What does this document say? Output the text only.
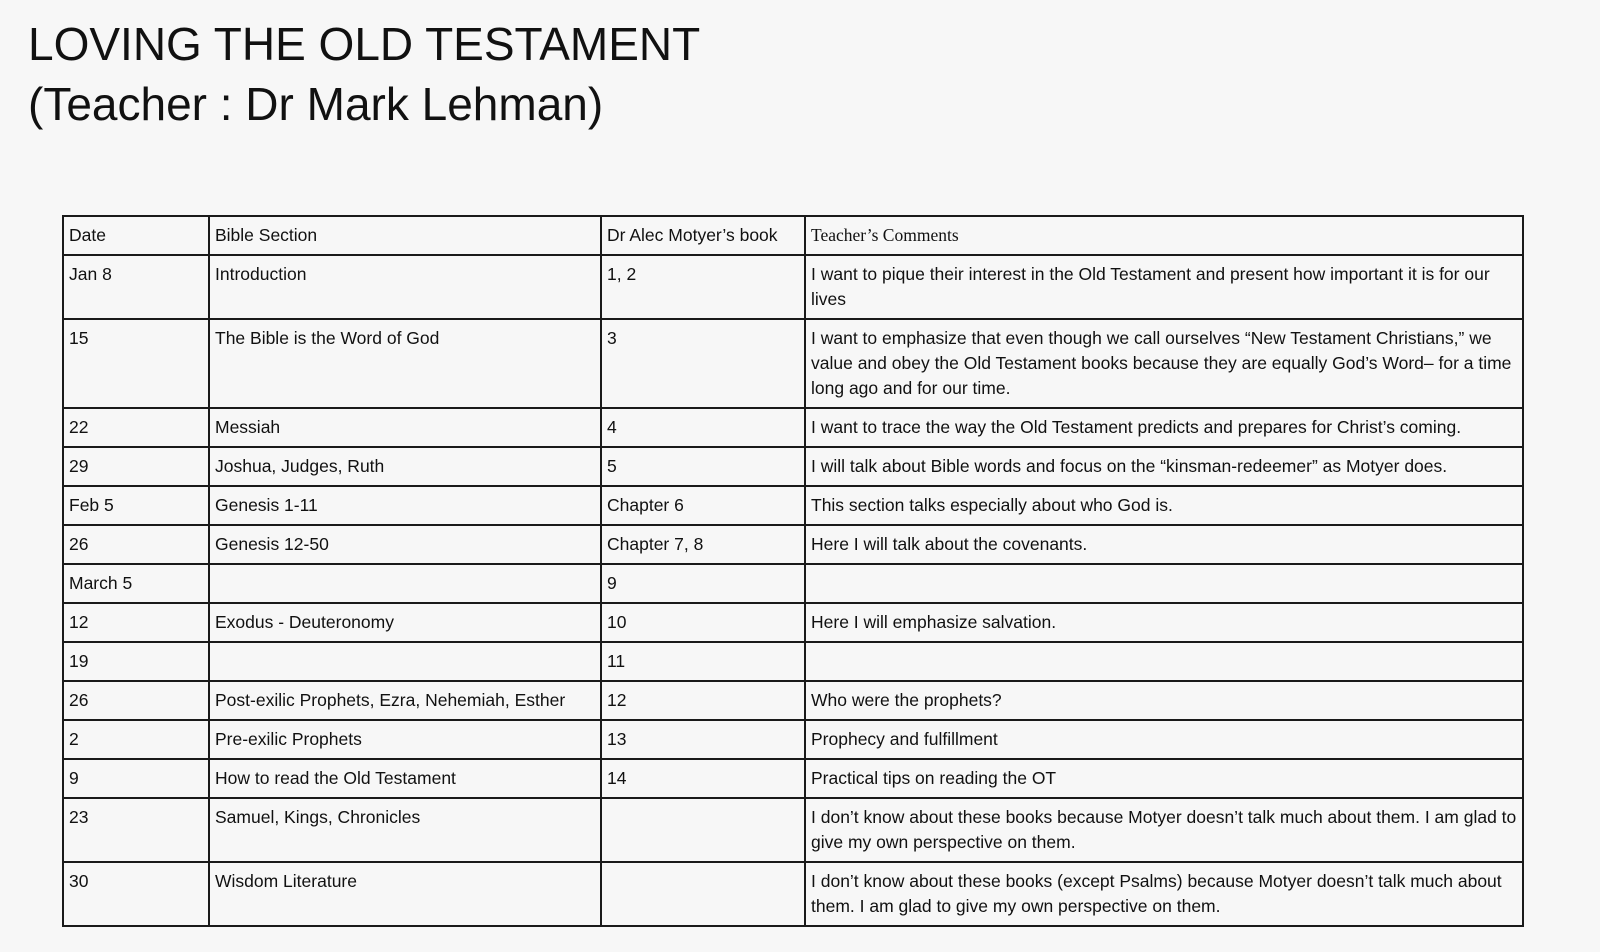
LOVING THE OLD TESTAMENT
(Teacher : Dr Mark Lehman)
Date	Bible Section	Dr Alec Motyer’s book	Teacher’s Comments
Jan 8	Introduction	1, 2	I want to pique their interest in the Old Testament and present how important it is for our lives
15	The Bible is the Word of God	3	I want to emphasize that even though we call ourselves “New Testament Christians,” we value and obey the Old Testament books because they are equally God’s Word– for a time long ago and for our time.
22	Messiah	4	I want to trace the way the Old Testament predicts and prepares for Christ’s coming.
29	Joshua, Judges, Ruth	5	I will talk about Bible words and focus on the “kinsman-redeemer” as Motyer does.
Feb 5	Genesis 1-11	Chapter 6	This section talks especially about who God is.
26	Genesis 12-50	Chapter 7, 8	Here I will talk about the covenants.
March 5		9	
12	Exodus - Deuteronomy	10	Here I will emphasize salvation.
19		11	
26	Post-exilic Prophets, Ezra, Nehemiah, Esther	12	Who were the prophets?
2	Pre-exilic Prophets	13	Prophecy and fulfillment
9	How to read the Old Testament	14	Practical tips on reading the OT
23	Samuel, Kings, Chronicles		I don’t know about these books because Motyer doesn’t talk much about them. I am glad to give my own perspective on them.
30	Wisdom Literature		I don’t know about these books (except Psalms) because Motyer doesn’t talk much about them. I am glad to give my own perspective on them.
